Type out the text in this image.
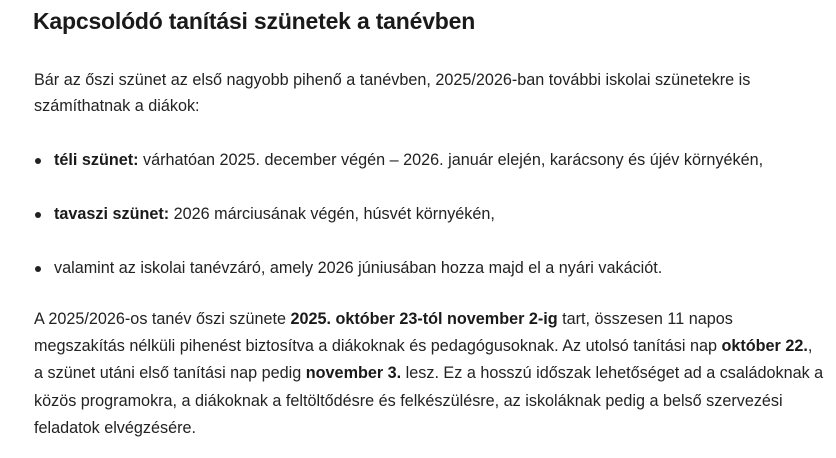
Kapcsolódó tanítási szünetek a tanévben

Bár az őszi szünet az első nagyobb pihenő a tanévben, 2025/2026-ban további iskolai szünetekre is számíthatnak a diákok:

téli szünet: várhatóan 2025. december végén – 2026. január elején, karácsony és újév környékén,
tavaszi szünet: 2026 márciusának végén, húsvét környékén,
valamint az iskolai tanévzáró, amely 2026 júniusában hozza majd el a nyári vakációt.

A 2025/2026-os tanév őszi szünete 2025. október 23-tól november 2-ig tart, összesen 11 napos megszakítás nélküli pihenést biztosítva a diákoknak és pedagógusoknak. Az utolsó tanítási nap október 22., a szünet utáni első tanítási nap pedig november 3. lesz. Ez a hosszú időszak lehetőséget ad a családoknak a közös programokra, a diákoknak a feltöltődésre és felkészülésre, az iskoláknak pedig a belső szervezési feladatok elvégzésére.
